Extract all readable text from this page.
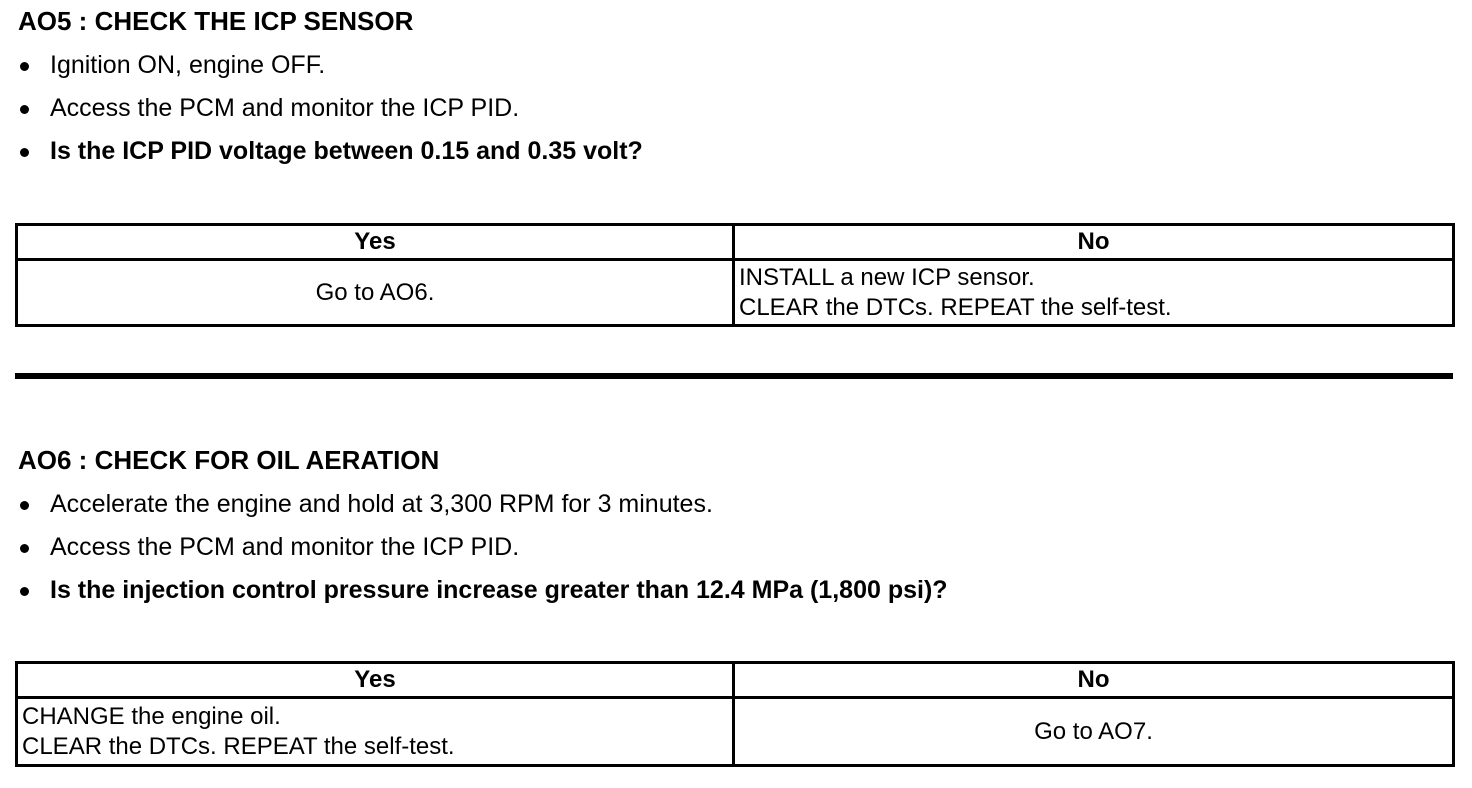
AO5 : CHECK THE ICP SENSOR
Ignition ON, engine OFF.
Access the PCM and monitor the ICP PID.
Is the ICP PID voltage between 0.15 and 0.35 volt?
Yes	No

Go to AO6.	INSTALL a new ICP sensor.
CLEAR the DTCs. REPEAT the self-test.
AO6 : CHECK FOR OIL AERATION
Accelerate the engine and hold at 3,300 RPM for 3 minutes.
Access the PCM and monitor the ICP PID.
Is the injection control pressure increase greater than 12.4 MPa (1,800 psi)?
Yes	No

CHANGE the engine oil.
CLEAR the DTCs. REPEAT the self-test.	Go to AO7.
